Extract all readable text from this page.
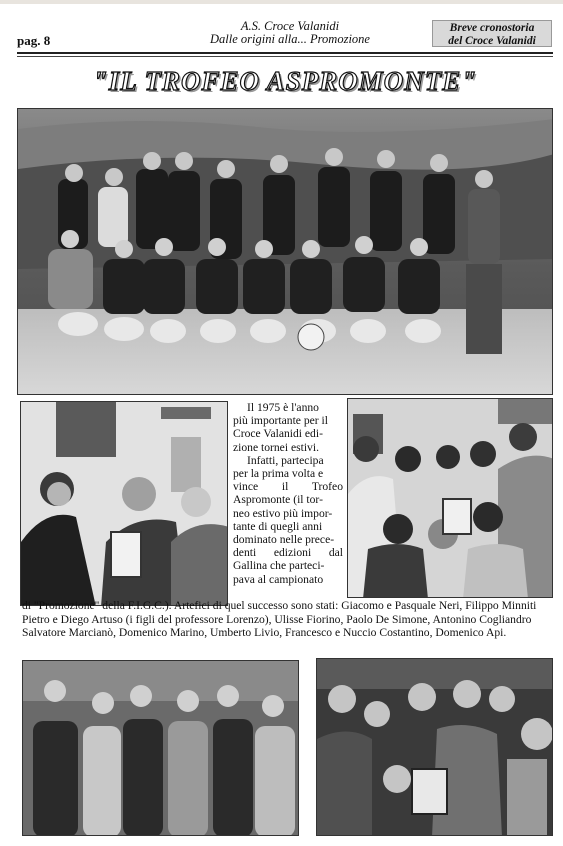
pag. 8
A.S. Croce Valanidi
Dalle origini alla... Promozione
Breve cronostoria
del Croce Valanidi
"IL TROFEO ASPROMONTE"
Il 1975 è l'anno
più importante per il
Croce Valanidi edi-
zione tornei estivi.
Infatti, partecipa
per la prima volta e
vince il Trofeo
Aspromonte (il tor-
neo estivo più impor-
tante di quegli anni
dominato nelle prece-
denti edizioni dal
Gallina che parteci-
pava al campionato
di "Promozione" della F.I.G.C.). Artefici di quel successo sono stati: Giacomo e Pasquale Neri, Filippo Minniti
Pietro e Diego Artuso (i figli del professore Lorenzo), Ulisse Fiorino, Paolo De Simone, Antonino Cogliandro
Salvatore Marcianò, Domenico Marino, Umberto Livio, Francesco e Nuccio Costantino, Domenico Api.
